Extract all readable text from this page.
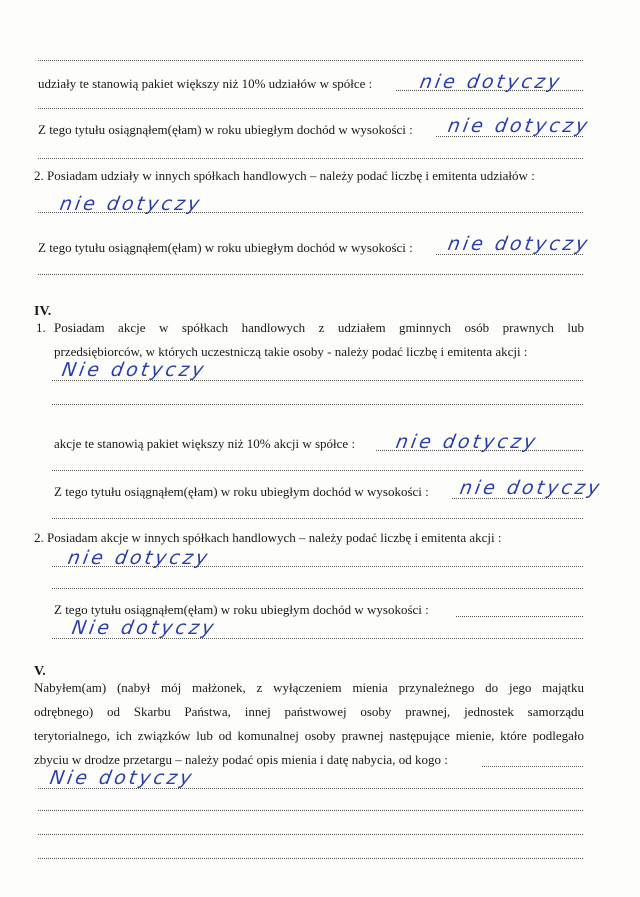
udziały te stanowią pakiet większy niż 10% udziałów w spółce : nie dotyczy
Z tego tytułu osiągnąłem(ęłam) w roku ubiegłym dochód w wysokości : nie dotyczy
2. Posiadam udziały w innych spółkach handlowych – należy podać liczbę i emitenta udziałów :
nie dotyczy
Z tego tytułu osiągnąłem(ęłam) w roku ubiegłym dochód w wysokości : nie dotyczy
IV.
1. Posiadam akcje w spółkach handlowych z udziałem gminnych osób prawnych lub
przedsiębiorców, w których uczestniczą takie osoby - należy podać liczbę i emitenta akcji :
Nie dotyczy
akcje te stanowią pakiet większy niż 10% akcji w spółce : nie dotyczy
Z tego tytułu osiągnąłem(ęłam) w roku ubiegłym dochód w wysokości : nie dotyczy
2. Posiadam akcje w innych spółkach handlowych – należy podać liczbę i emitenta akcji :
nie dotyczy
Z tego tytułu osiągnąłem(ęłam) w roku ubiegłym dochód w wysokości :
Nie dotyczy
V.
Nabyłem(am) (nabył mój małżonek, z wyłączeniem mienia przynależnego do jego majątku
odrębnego) od Skarbu Państwa, innej państwowej osoby prawnej, jednostek samorządu
terytorialnego, ich związków lub od komunalnej osoby prawnej następujące mienie, które podlegało
zbyciu w drodze przetargu – należy podać opis mienia i datę nabycia, od kogo :
Nie dotyczy
